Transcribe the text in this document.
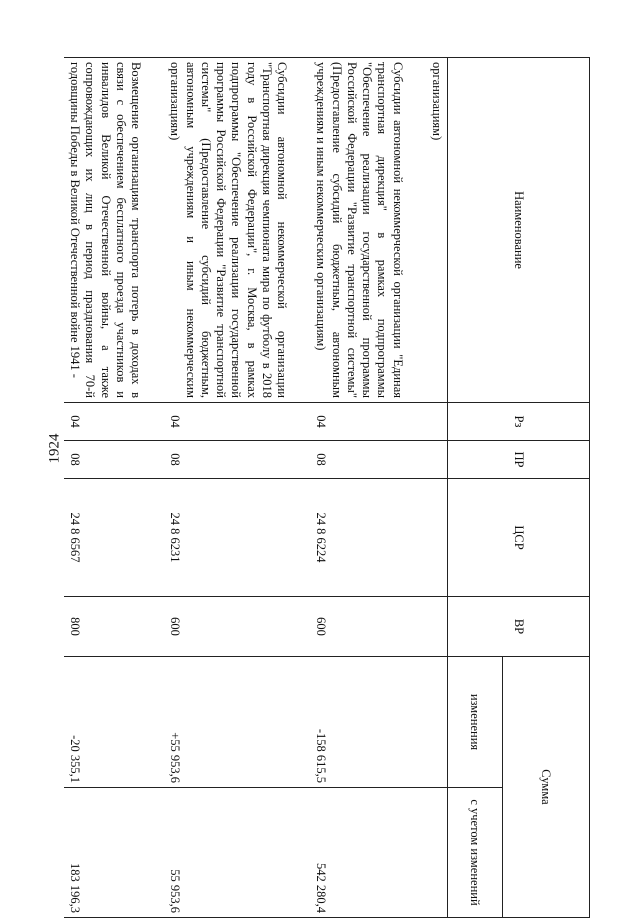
1924
Наименование	Рз	ПР	ЦСР	ВР	Сумма	
					изменения	с учетом изменений
организациям)						

Субсидии автономной некоммерческой организации "Единая транспортная дирекция" в рамках подпрограммы "Обеспечение реализации государственной программы Российской Федерации "Развитие транспортной системы" (Предоставление субсидий бюджетным, автономным учреждениям и иным некоммерческим организациям)	04	08	24 8 6224	600	-158 615,5	542 280,4

Субсидии автономной некоммерческой организации "Транспортная дирекция чемпионата мира по футболу в 2018 году в Российской Федерации", г. Москва, в рамках подпрограммы "Обеспечение реализации государственной программы Российской Федерации "Развитие транспортной системы" (Предоставление субсидий бюджетным, автономным учреждениям и иным некоммерческим организациям)	04	08	24 8 6231	600	+55 953,6	55 953,6

Возмещение организациям транспорта потерь в доходах в связи с обеспечением бесплатного проезда участников и инвалидов Великой Отечественной войны, а также сопровождающих их лиц в период празднования 70-й годовщины Победы в Великой Отечественной войне 1941 -	04	08	24 8 6567	800	-20 355,1	183 196,3
